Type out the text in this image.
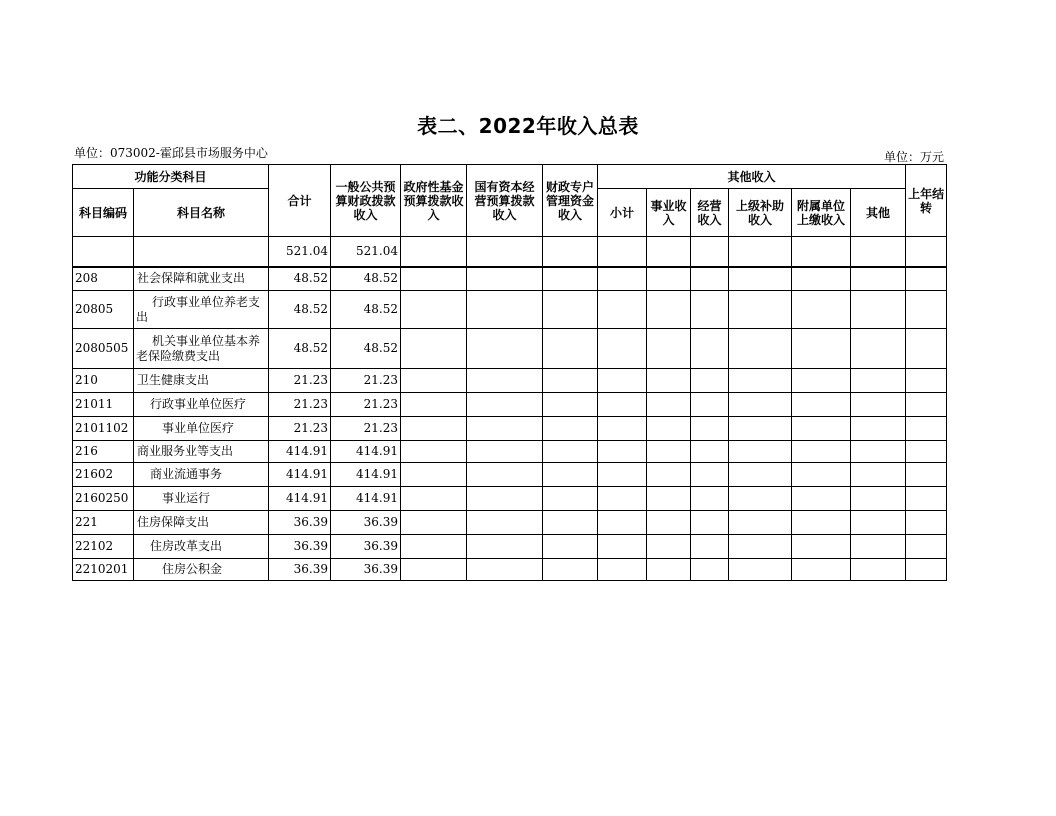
表二、2022年收入总表
单位：073002-霍邱县市场服务中心	单位：万元
功能分类科目		合计	一般公共预算财政拨款收入	政府性基金预算拨款收入	国有资本经营预算拨款收入	财政专户管理资金收入	其他收入						上年结转
科目编码	科目名称						小计	事业收入	经营收入	上级补助收入	附属单位上缴收入	其他	
		521.04	521.04										
208	社会保障和就业支出	48.52	48.52										
20805	行政事业单位养老支出	48.52	48.52										
2080505	机关事业单位基本养老保险缴费支出	48.52	48.52										
210	卫生健康支出	21.23	21.23										
21011	行政事业单位医疗	21.23	21.23										
2101102	事业单位医疗	21.23	21.23										
216	商业服务业等支出	414.91	414.91										
21602	商业流通事务	414.91	414.91										
2160250	事业运行	414.91	414.91										
221	住房保障支出	36.39	36.39										
22102	住房改革支出	36.39	36.39										
2210201	住房公积金	36.39	36.39										
